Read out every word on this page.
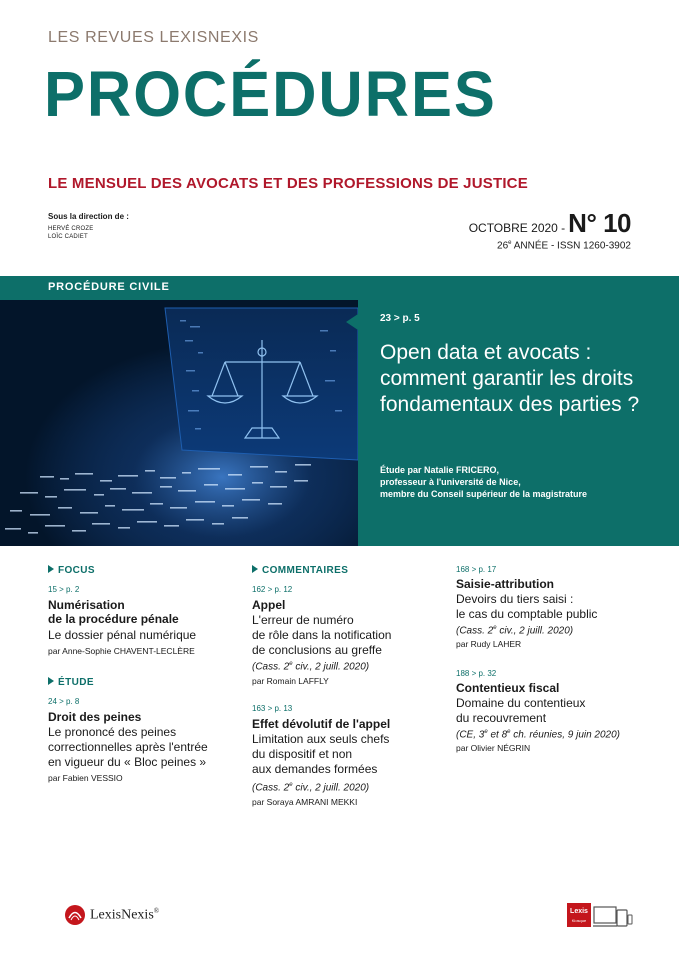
LES REVUES LEXISNEXIS
PROCÉDURES
LE MENSUEL DES AVOCATS ET DES PROFESSIONS DE JUSTICE
Sous la direction de :
HERVÉ CROZE
LOÏC CADIET
OCTOBRE 2020 - N° 10
26e ANNÉE - ISSN 1260-3902
PROCÉDURE CIVILE
23 > p. 5
Open data et avocats : comment garantir les droits fondamentaux des parties ?
Étude par Natalie FRICERO,
professeur à l'université de Nice,
membre du Conseil supérieur de la magistrature
FOCUS
15 > p. 2
Numérisation
de la procédure pénale
Le dossier pénal numérique
par Anne-Sophie CHAVENT-LECLÈRE
ÉTUDE
24 > p. 8
Droit des peines
Le prononcé des peines
correctionnelles après l'entrée
en vigueur du « Bloc peines »
par Fabien VESSIO
COMMENTAIRES
162 > p. 12
Appel
L'erreur de numéro
de rôle dans la notification
de conclusions au greffe
(Cass. 2e civ., 2 juill. 2020)
par Romain LAFFLY
163 > p. 13
Effet dévolutif de l'appel
Limitation aux seuls chefs
du dispositif et non
aux demandes formées
(Cass. 2e civ., 2 juill. 2020)
par Soraya AMRANI MEKKI
168 > p. 17
Saisie-attribution
Devoirs du tiers saisi :
le cas du comptable public
(Cass. 2e civ., 2 juill. 2020)
par Rudy LAHER
188 > p. 32
Contentieux fiscal
Domaine du contentieux
du recouvrement
(CE, 3e et 8e ch. réunies, 9 juin 2020)
par Olivier NÉGRIN
LexisNexis®	Lexis
Kiosque
